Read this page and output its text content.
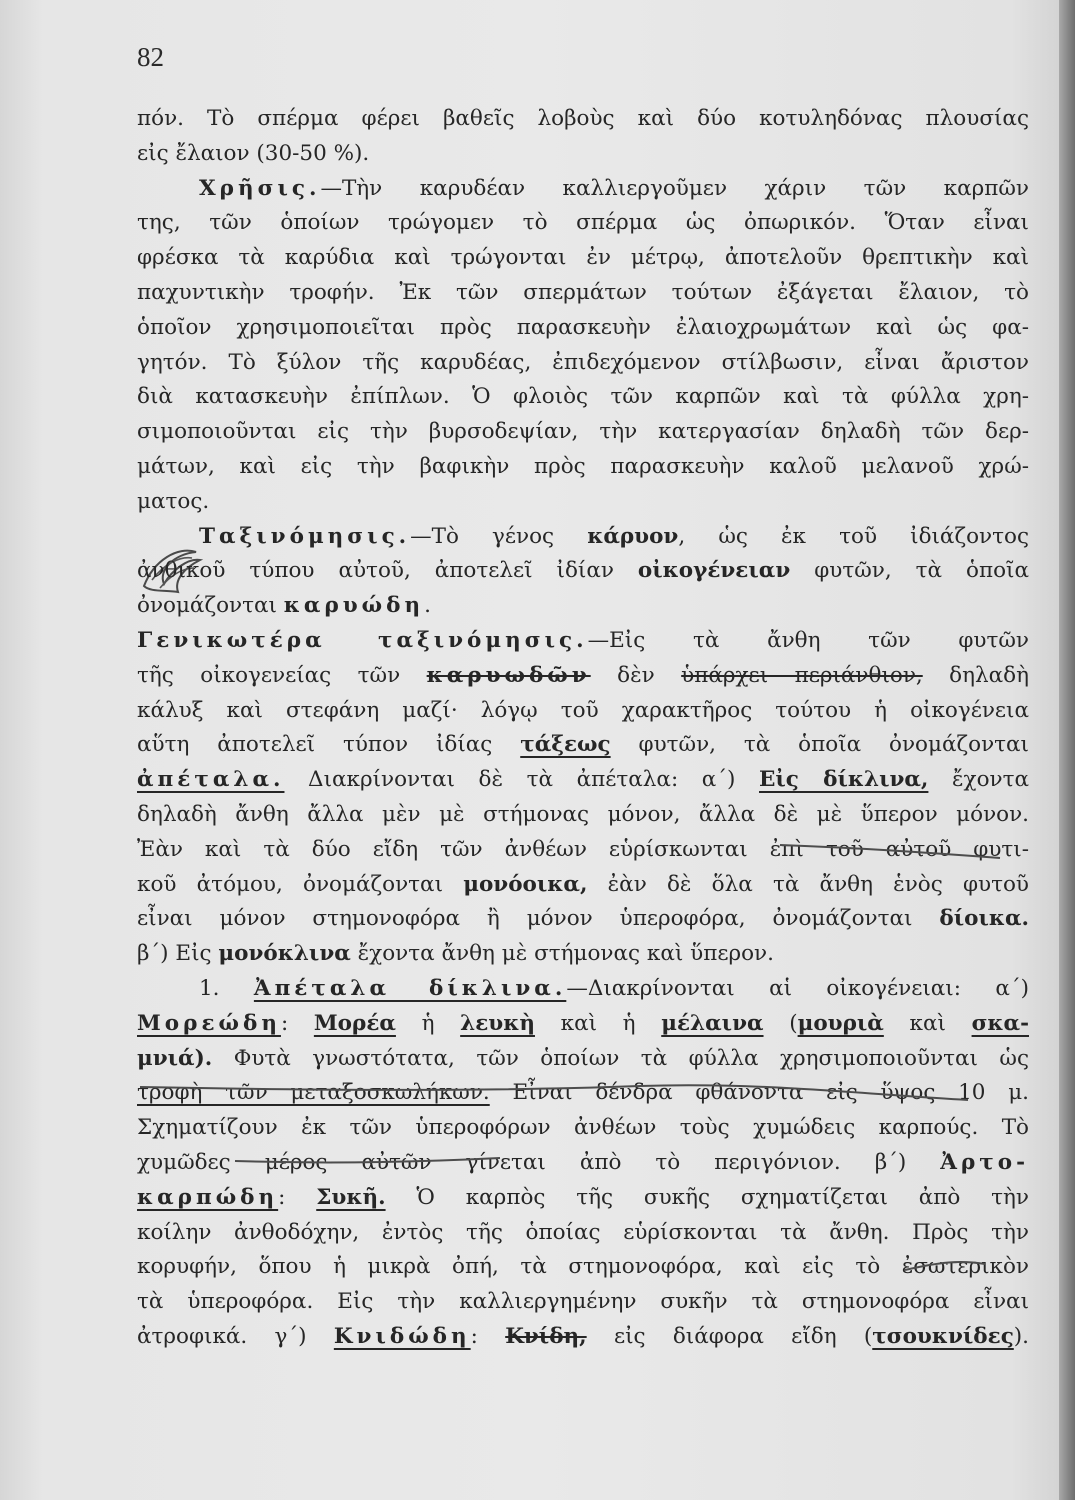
82
πόν. Τὸ σπέρμα φέρει βαθεῖς λοβοὺς καὶ δύο κοτυληδόνας πλουσίας
εἰς ἔλαιον (30-50 %).
Χρῆσις.—Τὴν καρυδέαν καλλιεργοῦμεν χάριν τῶν καρπῶν
της, τῶν ὁποίων τρώγομεν τὸ σπέρμα ὡς ὀπωρικόν. Ὅταν εἶναι
φρέσκα τὰ καρύδια καὶ τρώγονται ἐν μέτρῳ, ἀποτελοῦν θρεπτικὴν καὶ
παχυντικὴν τροφήν. Ἐκ τῶν σπερμάτων τούτων ἐξάγεται ἔλαιον, τὸ
ὁποῖον χρησιμοποιεῖται πρὸς παρασκευὴν ἐλαιοχρωμάτων καὶ ὡς φα-
γητόν. Τὸ ξύλον τῆς καρυδέας, ἐπιδεχόμενον στίλβωσιν, εἶναι ἄριστον
διὰ κατασκευὴν ἐπίπλων. Ὁ φλοιὸς τῶν καρπῶν καὶ τὰ φύλλα χρη-
σιμοποιοῦνται εἰς τὴν βυρσοδεψίαν, τὴν κατεργασίαν δηλαδὴ τῶν δερ-
μάτων, καὶ εἰς τὴν βαφικὴν πρὸς παρασκευὴν καλοῦ μελανοῦ χρώ-
ματος.
Ταξινόμησις.—Τὸ γένος κάρυον, ὡς ἐκ τοῦ ἰδιάζοντος
ἀνθικοῦ τύπου αὐτοῦ, ἀποτελεῖ ἰδίαν οἰκογένειαν φυτῶν, τὰ ὁποῖα
ὀνομάζονται καρυώδη.
Γενικωτέρα ταξινόμησις.—Εἰς τὰ ἄνθη τῶν φυτῶν
τῆς οἰκογενείας τῶν καρυωδῶν δὲν ὑπάρχει περιάνθιον, δηλαδὴ
κάλυξ καὶ στεφάνη μαζί· λόγῳ τοῦ χαρακτῆρος τούτου ἡ οἰκογένεια
αὕτη ἀποτελεῖ τύπον ἰδίας τάξεως φυτῶν, τὰ ὁποῖα ὀνομάζονται
ἀπέταλα. Διακρίνονται δὲ τὰ ἀπέταλα: α΄) Εἰς δίκλινα, ἔχοντα
δηλαδὴ ἄνθη ἄλλα μὲν μὲ στήμονας μόνον, ἄλλα δὲ μὲ ὕπερον μόνον.
Ἐὰν καὶ τὰ δύο εἴδη τῶν ἀνθέων εὑρίσκωνται ἐπὶ τοῦ αὐτοῦ φυτι-
κοῦ ἀτόμου, ὀνομάζονται μονόοικα, ἐὰν δὲ ὅλα τὰ ἄνθη ἑνὸς φυτοῦ
εἶναι μόνον στημονοφόρα ἢ μόνον ὑπεροφόρα, ὀνομάζονται δίοικα.
β΄) Εἰς μονόκλινα ἔχοντα ἄνθη μὲ στήμονας καὶ ὕπερον.
1. Ἀπέταλα δίκλινα.—Διακρίνονται αἱ οἰκογένειαι: α΄)
Μορεώδη: Μορέα ἡ λευκὴ καὶ ἡ μέλαινα (μουριὰ καὶ σκα-
μνιά). Φυτὰ γνωστότατα, τῶν ὁποίων τὰ φύλλα χρησιμοποιοῦνται ὡς
τροφὴ τῶν μεταξοσκωλήκων. Εἶναι δένδρα φθάνοντα εἰς ὕψος 10 μ.
Σχηματίζουν ἐκ τῶν ὑπεροφόρων ἀνθέων τοὺς χυμώδεις καρπούς. Τὸ
χυμῶδες μέρος αὐτῶν γίνεται ἀπὸ τὸ περιγόνιον. β΄) Ἀρτο-
καρπώδη: Συκῆ. Ὁ καρπὸς τῆς συκῆς σχηματίζεται ἀπὸ τὴν
κοίλην ἀνθοδόχην, ἐντὸς τῆς ὁποίας εὑρίσκονται τὰ ἄνθη. Πρὸς τὴν
κορυφήν, ὅπου ἡ μικρὰ ὀπή, τὰ στημονοφόρα, καὶ εἰς τὸ ἐσωτερικὸν
τὰ ὑπεροφόρα. Εἰς τὴν καλλιεργημένην συκῆν τὰ στημονοφόρα εἶναι
ἀτροφικά. γ΄) Κνιδώδη: Κνίδη, εἰς διάφορα εἴδη (τσουκνίδες).
